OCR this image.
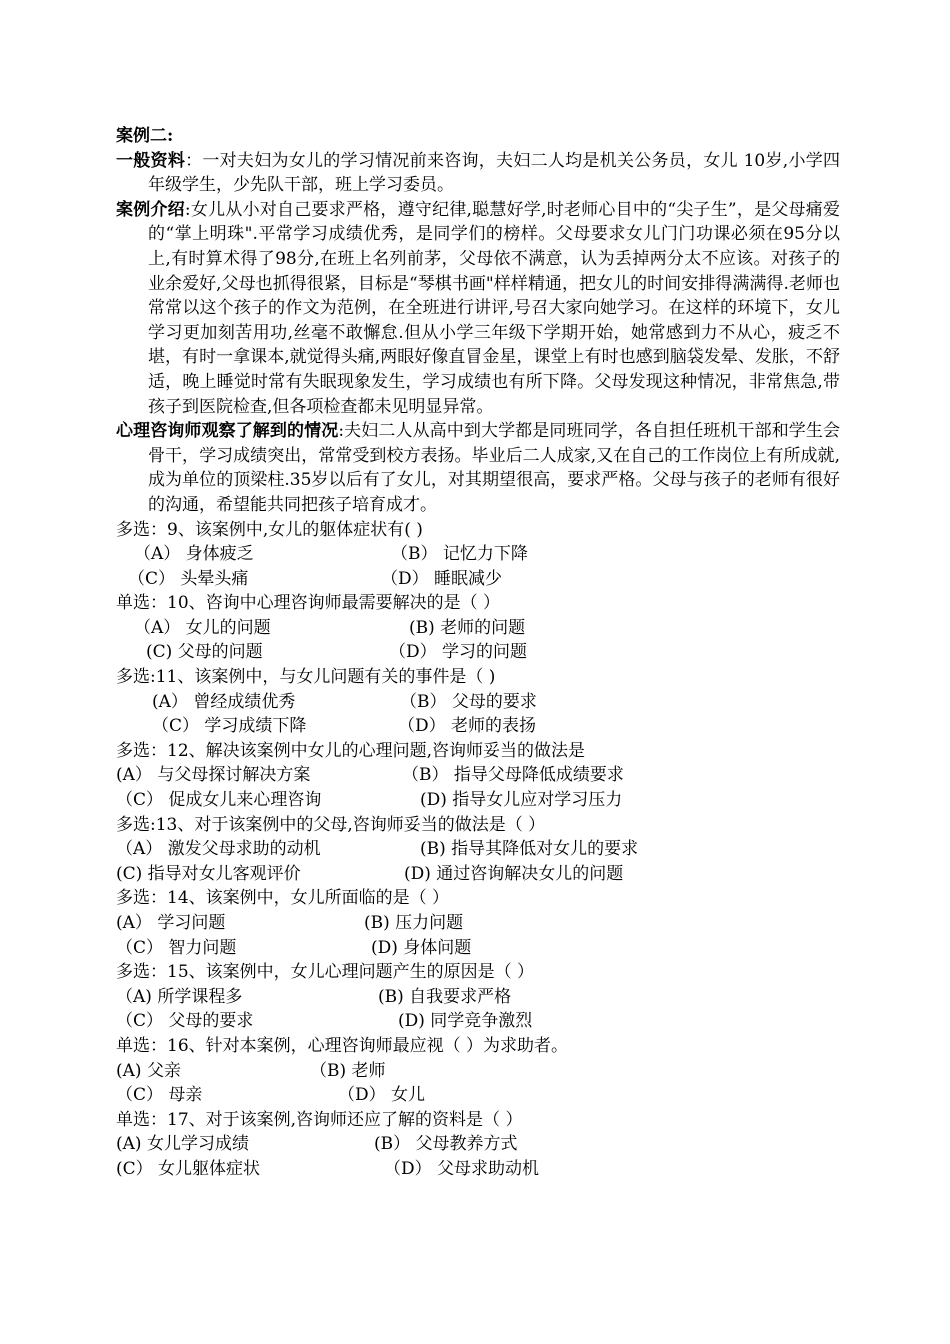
案例二:
一般资料：一对夫妇为女儿的学习情况前来咨询，夫妇二人均是机关公务员，女儿 10岁,小学四年级学生，少先队干部，班上学习委员。
案例介绍:女儿从小对自己要求严格，遵守纪律,聪慧好学,时老师心目中的“尖子生”，是父母痛爱的“掌上明珠".平常学习成绩优秀，是同学们的榜样。父母要求女儿门门功课必须在95分以上,有时算术得了98分,在班上名列前茅，父母依不满意，认为丢掉两分太不应该。对孩子的业余爱好,父母也抓得很紧，目标是“琴棋书画"样样精通，把女儿的时间安排得满满得.老师也常常以这个孩子的作文为范例，在全班进行讲评,号召大家向她学习。在这样的环境下，女儿学习更加刻苦用功,丝毫不敢懈怠.但从小学三年级下学期开始，她常感到力不从心，疲乏不堪，有时一拿课本,就觉得头痛,两眼好像直冒金星，课堂上有时也感到脑袋发晕、发胀，不舒适，晚上睡觉时常有失眠现象发生，学习成绩也有所下降。父母发现这种情况，非常焦急,带孩子到医院检查,但各项检查都未见明显异常。
心理咨询师观察了解到的情况:夫妇二人从高中到大学都是同班同学，各自担任班机干部和学生会骨干，学习成绩突出，常常受到校方表扬。毕业后二人成家,又在自己的工作岗位上有所成就,成为单位的顶梁柱.35岁以后有了女儿，对其期望很高，要求严格。父母与孩子的老师有很好的沟通，希望能共同把孩子培育成才。
多选：9、该案例中,女儿的躯体症状有( )
（A） 身体疲乏	（B） 记忆力下降
（C） 头晕头痛	（D） 睡眠减少
单选：10、咨询中心理咨询师最需要解决的是（ ）
（A） 女儿的问题	(B) 老师的问题
(C) 父母的问题	（D） 学习的问题
多选:11、该案例中，与女儿问题有关的事件是（ )
(A） 曾经成绩优秀	（B） 父母的要求
（C） 学习成绩下降	（D） 老师的表扬
多选：12、解决该案例中女儿的心理问题,咨询师妥当的做法是
(A） 与父母探讨解决方案	（B） 指导父母降低成绩要求
（C） 促成女儿来心理咨询	(D) 指导女儿应对学习压力
多选:13、对于该案例中的父母,咨询师妥当的做法是（ ）
（A） 激发父母求助的动机	(B) 指导其降低对女儿的要求
(C) 指导对女儿客观评价	(D) 通过咨询解决女儿的问题
多选：14、该案例中，女儿所面临的是（ ）
(A） 学习问题	(B) 压力问题
（C） 智力问题	(D) 身体问题
多选：15、该案例中，女儿心理问题产生的原因是（ ）
（A) 所学课程多	(B) 自我要求严格
（C） 父母的要求	(D) 同学竞争激烈
单选：16、针对本案例，心理咨询师最应视（ ）为求助者。
(A) 父亲	（B) 老师
（C） 母亲	（D） 女儿
单选：17、对于该案例,咨询师还应了解的资料是（ ）
(A) 女儿学习成绩	(B） 父母教养方式
(C） 女儿躯体症状	（D） 父母求助动机
